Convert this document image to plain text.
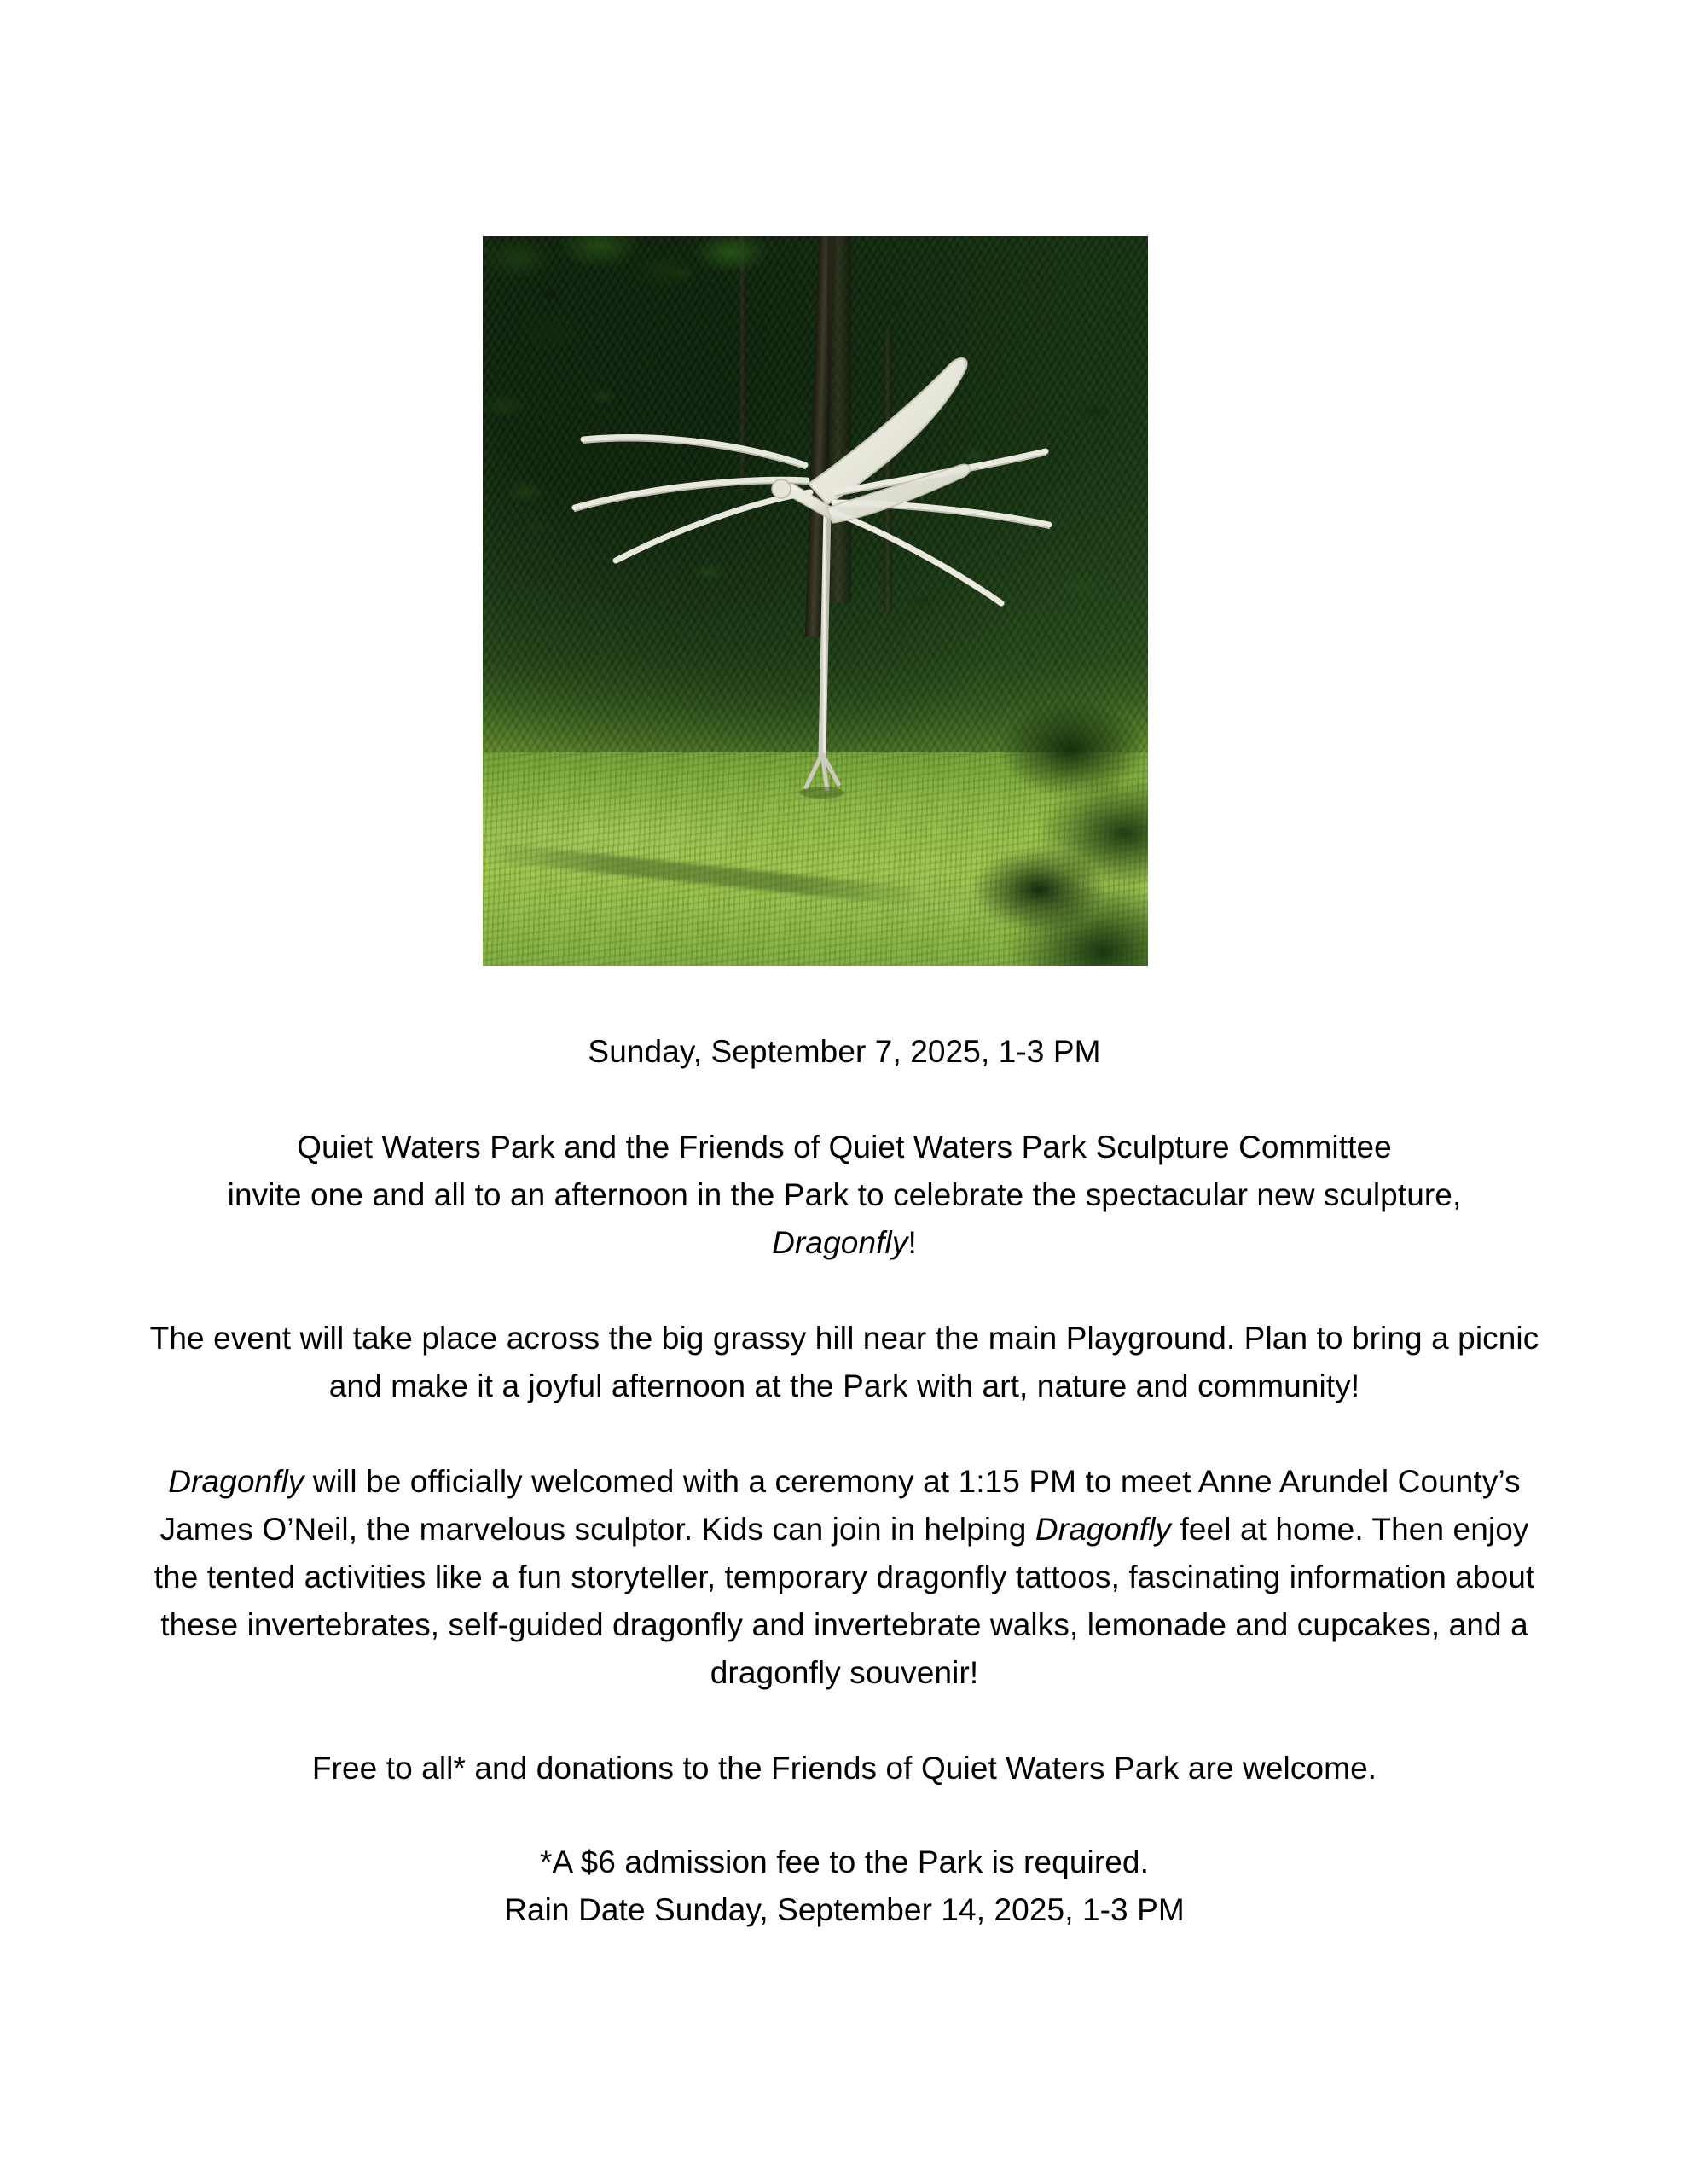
Sunday, September 7, 2025, 1-3 PM
Quiet Waters Park and the Friends of Quiet Waters Park Sculpture Committee
invite one and all to an afternoon in the Park to celebrate the spectacular new sculpture,
Dragonfly!
The event will take place across the big grassy hill near the main Playground. Plan to bring a picnic and make it a joyful afternoon at the Park with art, nature and community!
Dragonfly will be officially welcomed with a ceremony at 1:15 PM to meet Anne Arundel County’s James O’Neil, the marvelous sculptor. Kids can join in helping Dragonfly feel at home. Then enjoy the tented activities like a fun storyteller, temporary dragonfly tattoos, fascinating information about these invertebrates, self-guided dragonfly and invertebrate walks, lemonade and cupcakes, and a dragonfly souvenir!
Free to all* and donations to the Friends of Quiet Waters Park are welcome.
*A $6 admission fee to the Park is required.
Rain Date Sunday, September 14, 2025, 1-3 PM
